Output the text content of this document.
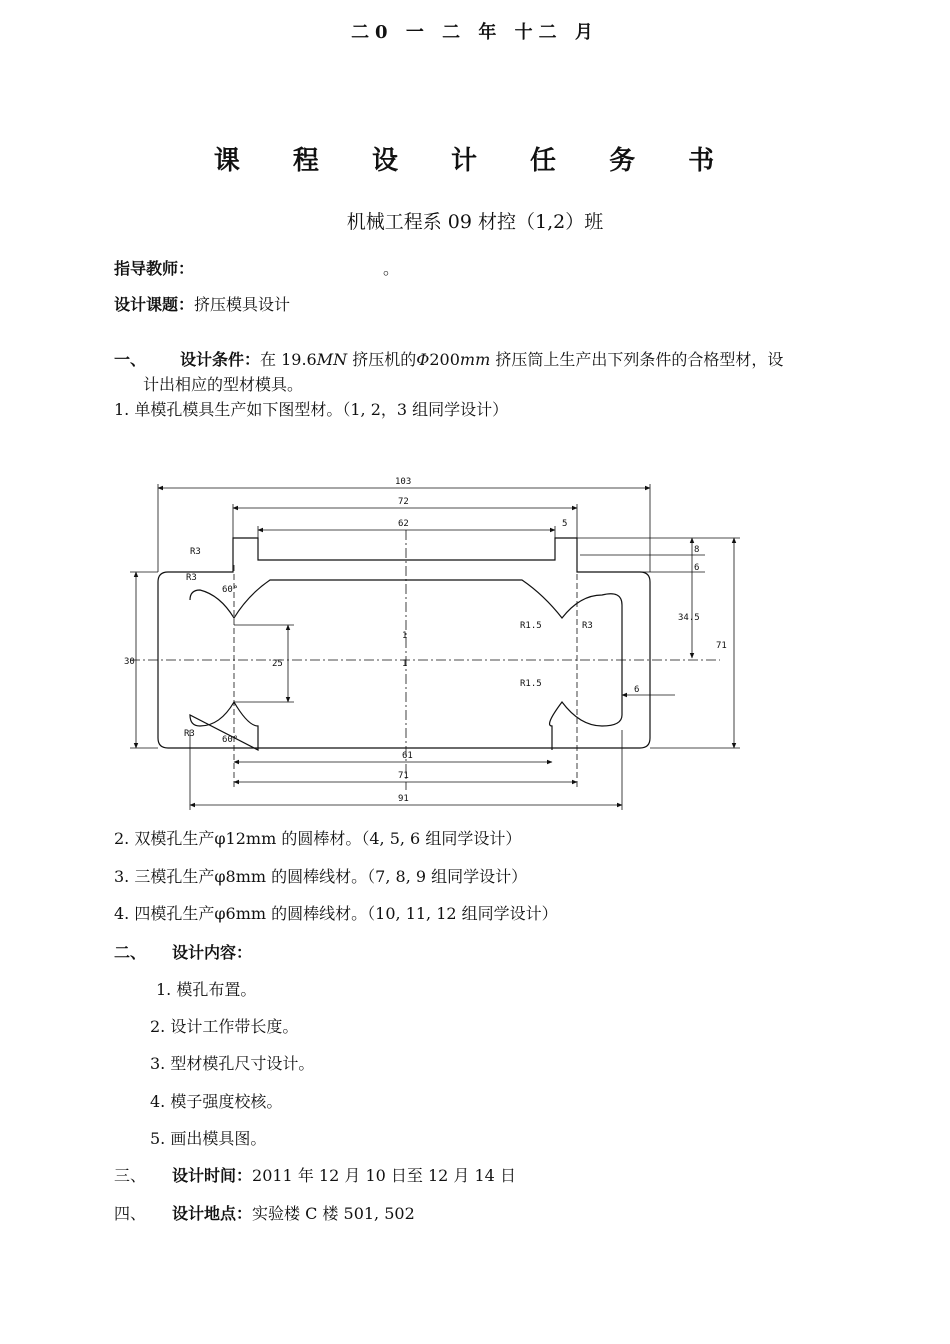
二0 一 二 年 十二 月
课 程 设 计 任 务 书
机械工程系 09 材控（1,2）班
指导教师：	。
设计课题：挤压模具设计
一、 设计条件：在 19.6MN 挤压机的Φ200mm 挤压筒上生产出下列条件的合格型材，设
计出相应的型材模具。
1. 单模孔模具生产如下图型材。（1, 2，3 组同学设计）
103
72
62	5
R3
R3
R3
R3
R1.5
R1.5
60°
60°
6
1
61
71
91
8
6
34.5
71
30	25	1
2. 双模孔生产φ12mm 的圆棒材。（4, 5, 6 组同学设计）
3. 三模孔生产φ8mm 的圆棒线材。（7, 8, 9 组同学设计）
4. 四模孔生产φ6mm 的圆棒线材。（10, 11, 12 组同学设计）
二、 设计内容：
1. 模孔布置。
2. 设计工作带长度。
3. 型材模孔尺寸设计。
4. 模子强度校核。
5. 画出模具图。
三、 设计时间：2011 年 12 月 10 日至 12 月 14 日
四、 设计地点：实验楼 C 楼 501, 502
